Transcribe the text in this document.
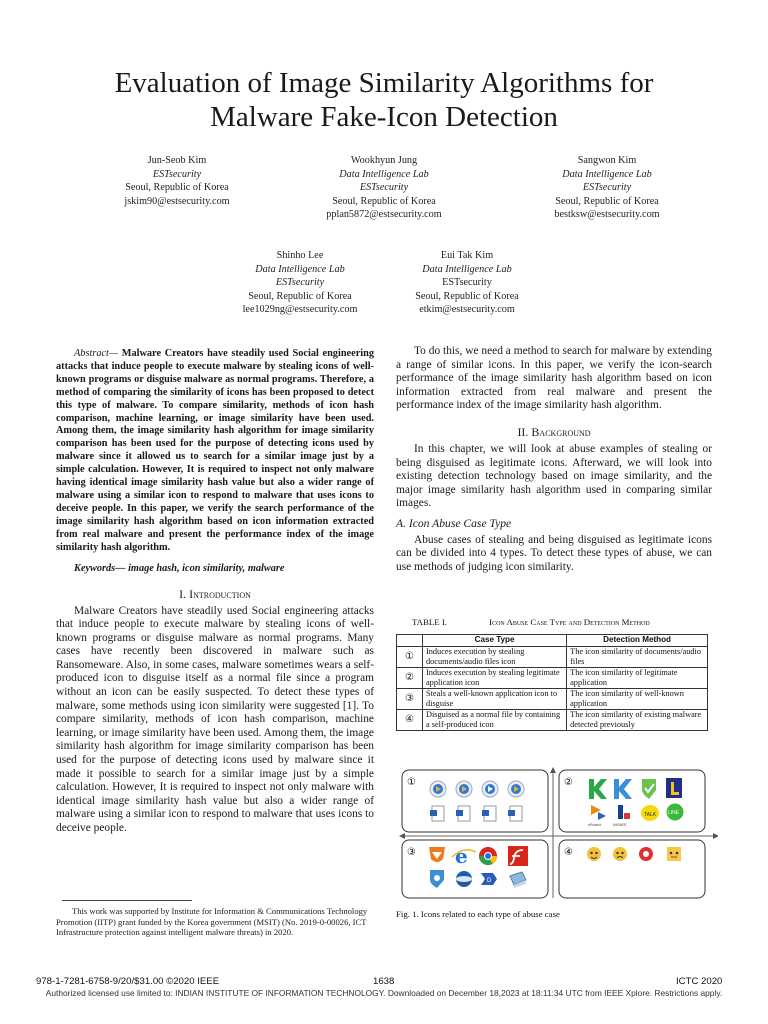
Evaluation of Image Similarity Algorithms for
Malware Fake-Icon Detection
Jun-Seob Kim
ESTsecurity
Seoul, Republic of Korea
jskim90@estsecurity.com
Wookhyun Jung
Data Intelligence Lab
ESTsecurity
Seoul, Republic of Korea
pplan5872@estsecurity.com
Sangwon Kim
Data Intelligence Lab
ESTsecurity
Seoul, Republic of Korea
bestksw@estsecurity.com
Shinho Lee
Data Intelligence Lab
ESTsecurity
Seoul, Republic of Korea
lee1029ng@estsecurity.com
Eui Tak Kim
Data Intelligence Lab
ESTsecurity
Seoul, Republic of Korea
etkim@estsecurity.com

Abstract— Malware Creators have steadily used Social engineering attacks that induce people to execute malware by stealing icons of well-known programs or disguise malware as normal programs. Therefore, a method of comparing the similarity of icons has been proposed to detect this type of malware. To compare similarity, methods of icon hash comparison, machine learning, or image similarity have been used. Among them, the image similarity hash algorithm for image similarity comparison has been used for the purpose of detecting icons used by malware since it allowed us to search for a similar image just by a simple calculation. However, It is required to inspect not only malware having identical image similarity hash value but also a wider range of malware using a similar icon to respond to malware that uses icons to deceive people. In this paper, we verify the search performance of the image similarity hash algorithm based on icon information extracted from real malware and present the performance index of the image similarity hash algorithm.

Keywords— image hash, icon similarity, malware

I. Introduction

Malware Creators have steadily used Social engineering attacks that induce people to execute malware by stealing icons of well-known programs or disguise malware as normal programs. Many cases have recently been discovered in malware such as Ransomeware. Also, in some cases, malware sometimes wears a self-produced icon to disguise itself as a normal file since a program without an icon can be easily suspected. To detect these types of malware, some methods using icon similarity were suggested [1]. To compare similarity, methods of icon hash comparison, machine learning, or image similarity have been used. Among them, the image similarity hash algorithm for image similarity comparison has been used for the purpose of detecting icons used by malware since it made it possible to search for a similar image just by a simple calculation. However, It is required to inspect not only malware with identical image similarity hash value but also a wider range of malware using a similar icon to respond to malware that uses icons to deceive people.

This work was supported by Institute for Information & Communications Technology Promotion (IITP) grant funded by the Korea government (MSIT) (No. 2019-0-00026, ICT Infrastructure protection against intelligent malware threats) in 2020.

To do this, we need a method to search for malware by extending a range of similar icons. In this paper, we verify the icon-search performance of the image similarity hash algorithm based on icon information extracted from real malware and present the performance index of the image similarity hash algorithm.

II. Background

In this chapter, we will look at abuse examples of stealing or being disguised as legitimate icons. Afterward, we will look into existing detection technology based on image similarity, and the major image similarity hash algorithm used in comparing similar images.

A. Icon Abuse Case Type

Abuse cases of stealing and being disguised as legitimate icons can be divided into 4 types. To detect these types of abuse, we can use methods of judging icon similarity.

TABLE I.	Icon Abuse Case Type and Detection Method
	Case Type	Detection Method
①	Induces execution by stealing documents/audio files icon	The icon similarity of documents/audio files
②	Induces execution by stealing legitimate application icon	The icon similarity of legitimate application
③	Steals a well-known application icon to disguise	The icon similarity of well-known application
④	Disguised as a normal file by containing a self-produced icon	The icon similarity of existing malware detected previously
①	②
③	④
nProtect	INISAFE
TALK LINE
e
D
Fig. 1. Icons related to each type of abuse case
978-1-7281-6758-9/20/$31.00 ©2020 IEEE	1638	ICTC 2020
Authorized licensed use limited to: INDIAN INSTITUTE OF INFORMATION TECHNOLOGY. Downloaded on December 18,2023 at 18:11:34 UTC from IEEE Xplore. Restrictions apply.
